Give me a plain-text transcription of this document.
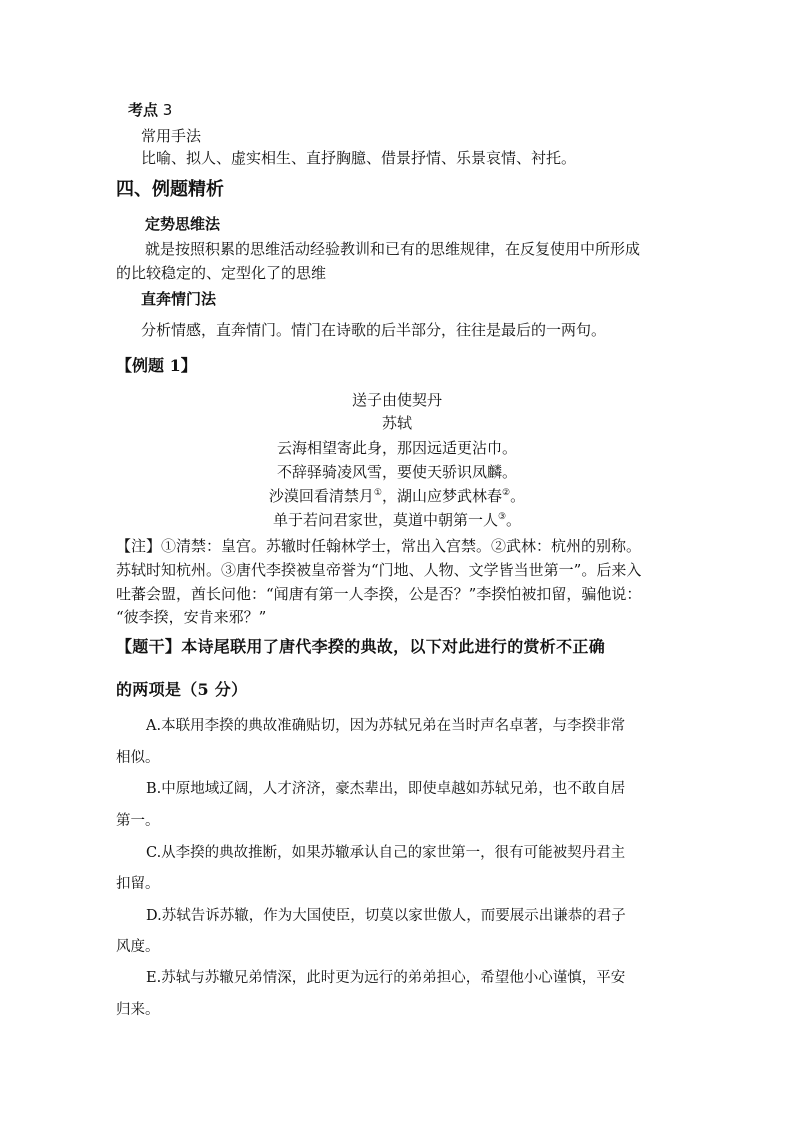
考点 3
常用手法
比喻、拟人、虚实相生、直抒胸臆、借景抒情、乐景哀情、衬托。
四、例题精析
定势思维法
就是按照积累的思维活动经验教训和已有的思维规律，在反复使用中所形成
的比较稳定的、定型化了的思维
直奔情门法
分析情感，直奔情门。情门在诗歌的后半部分，往往是最后的一两句。
【例题 1】
送子由使契丹
苏轼
云海相望寄此身，那因远适更沾巾。
不辞驿骑凌风雪，要使天骄识凤麟。
沙漠回看清禁月①，湖山应梦武林春②。
单于若问君家世，莫道中朝第一人③。
【注】①清禁：皇宫。苏辙时任翰林学士，常出入宫禁。②武林：杭州的别称。
苏轼时知杭州。③唐代李揆被皇帝誉为“门地、人物、文学皆当世第一”。后来入
吐蕃会盟，酋长问他：“闻唐有第一人李揆，公是否？”李揆怕被扣留，骗他说：
“彼李揆，安肯来邪？”
【题干】本诗尾联用了唐代李揆的典故，以下对此进行的赏析不正确
的两项是（5 分）
A.本联用李揆的典故准确贴切，因为苏轼兄弟在当时声名卓著，与李揆非常
相似。
B.中原地域辽阔，人才济济，豪杰辈出，即使卓越如苏轼兄弟，也不敢自居
第一。
C.从李揆的典故推断，如果苏辙承认自己的家世第一，很有可能被契丹君主
扣留。
D.苏轼告诉苏辙，作为大国使臣，切莫以家世傲人，而要展示出谦恭的君子
风度。
E.苏轼与苏辙兄弟情深，此时更为远行的弟弟担心，希望他小心谨慎，平安
归来。
